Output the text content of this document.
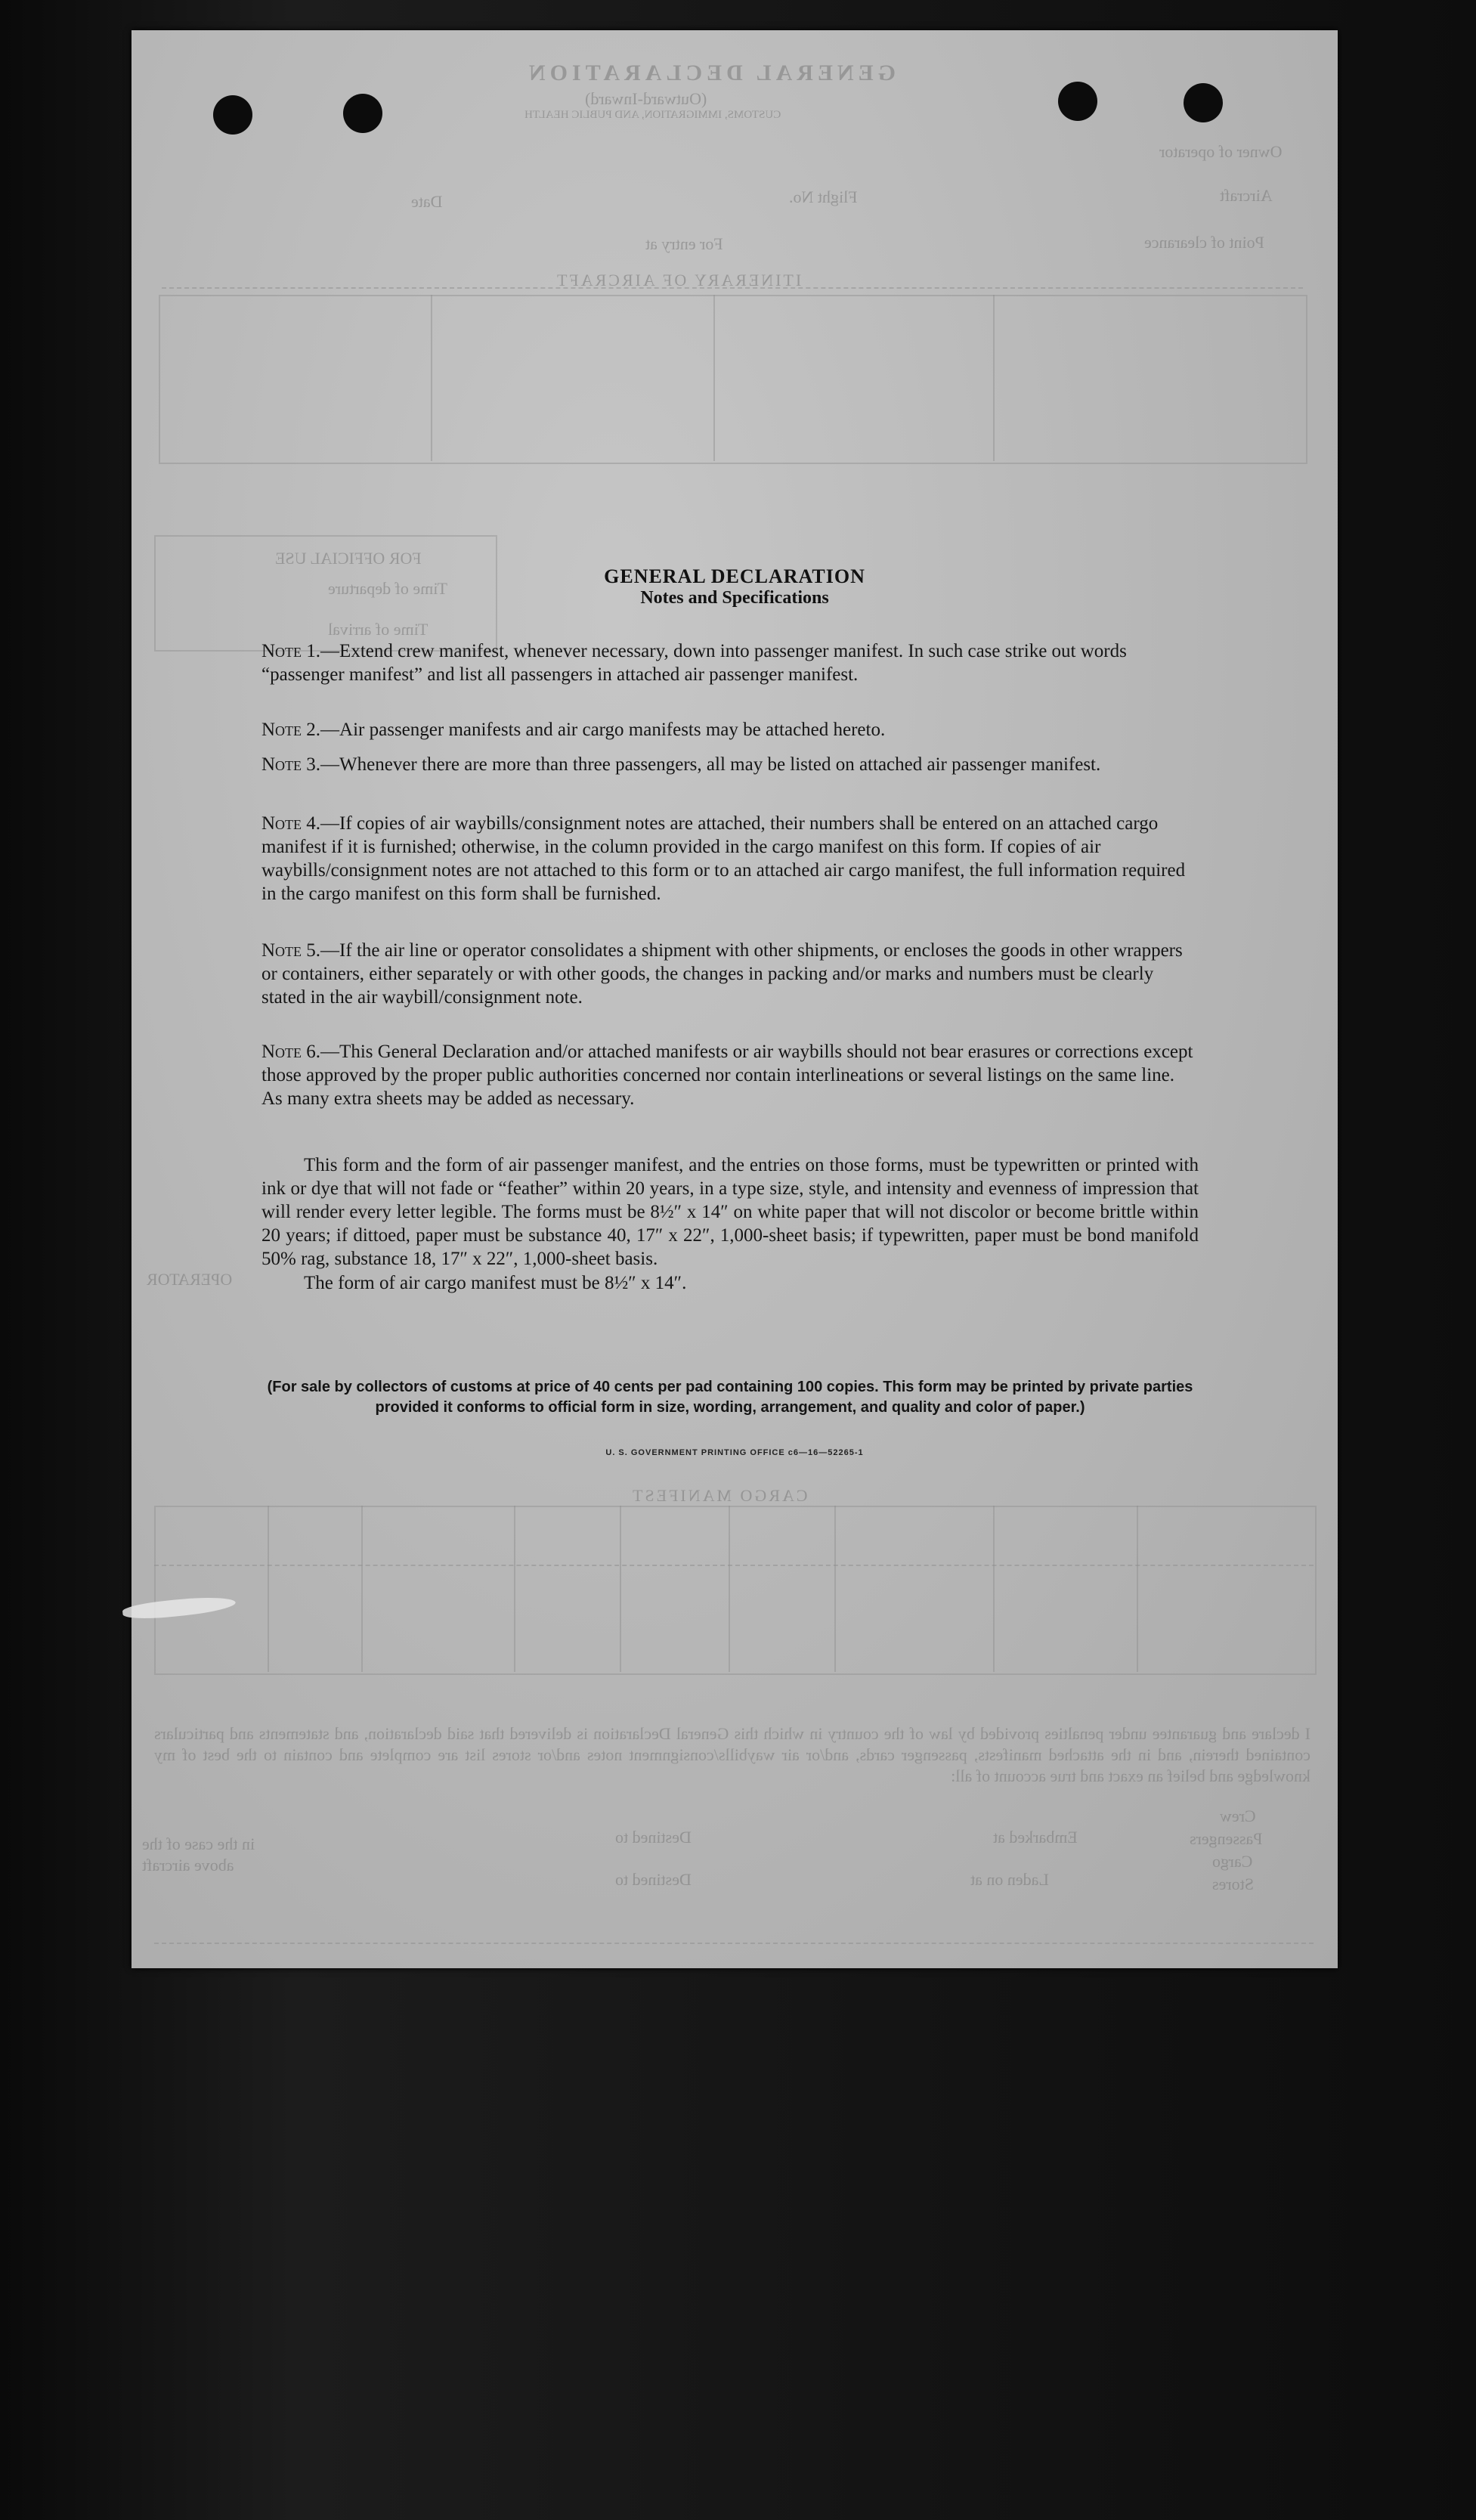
GENERAL DECLARATION
(Outward-Inward)
CUSTOMS, IMMIGRATION, AND PUBLIC HEALTH
Owner of operator
Aircraft
Flight No.
Date
Point of clearance
For entry at
ITINERARY OF AIRCRAFT
FOR OFFICIAL USE
Time of departure
Time of arrival
OPERATOR
CARGO MANIFEST
I declare and guarantee under penalties provided by law of the country in which this General Declaration is delivered that said declaration, and statements and particulars contained therein, and in the attached manifests, passenger cards, and/or air waybills/consignment notes and/or stores list are complete and contain to the best of my knowledge and belief an exact and true account of all:
Crew
Passengers
Cargo
Stores
Embarked at
Laden on at
Destined to
Destined to
in the case of the above aircraft
GENERAL DECLARATION
Notes and Specifications

Note 1.—Extend crew manifest, whenever necessary, down into passenger manifest. In such case strike out words “passenger manifest” and list all passengers in attached air passenger manifest.

Note 2.—Air passenger manifests and air cargo manifests may be attached hereto.

Note 3.—Whenever there are more than three passengers, all may be listed on attached air passenger manifest.

Note 4.—If copies of air waybills/consignment notes are attached, their numbers shall be entered on an attached cargo manifest if it is furnished; otherwise, in the column provided in the cargo manifest on this form. If copies of air waybills/consignment notes are not attached to this form or to an attached air cargo manifest, the full information required in the cargo manifest on this form shall be furnished.

Note 5.—If the air line or operator consolidates a shipment with other shipments, or encloses the goods in other wrappers or containers, either separately or with other goods, the changes in packing and/or marks and numbers must be clearly stated in the air waybill/consignment note.

Note 6.—This General Declaration and/or attached manifests or air waybills should not bear erasures or corrections except those approved by the proper public authorities concerned nor contain interlineations or several listings on the same line. As many extra sheets may be added as necessary.

This form and the form of air passenger manifest, and the entries on those forms, must be typewritten or printed with ink or dye that will not fade or “feather” within 20 years, in a type size, style, and intensity and evenness of impression that will render every letter legible. The forms must be 8½″ x 14″ on white paper that will not discolor or become brittle within 20 years; if dittoed, paper must be substance 40, 17″ x 22″, 1,000-sheet basis; if typewritten, paper must be bond manifold 50% rag, substance 18, 17″ x 22″, 1,000-sheet basis.
The form of air cargo manifest must be 8½″ x 14″.
(For sale by collectors of customs at price of 40 cents per pad containing 100 copies. This form may be printed by private parties provided it conforms to official form in size, wording, arrangement, and quality and color of paper.)
U. S. GOVERNMENT PRINTING OFFICE c6—16—52265-1
